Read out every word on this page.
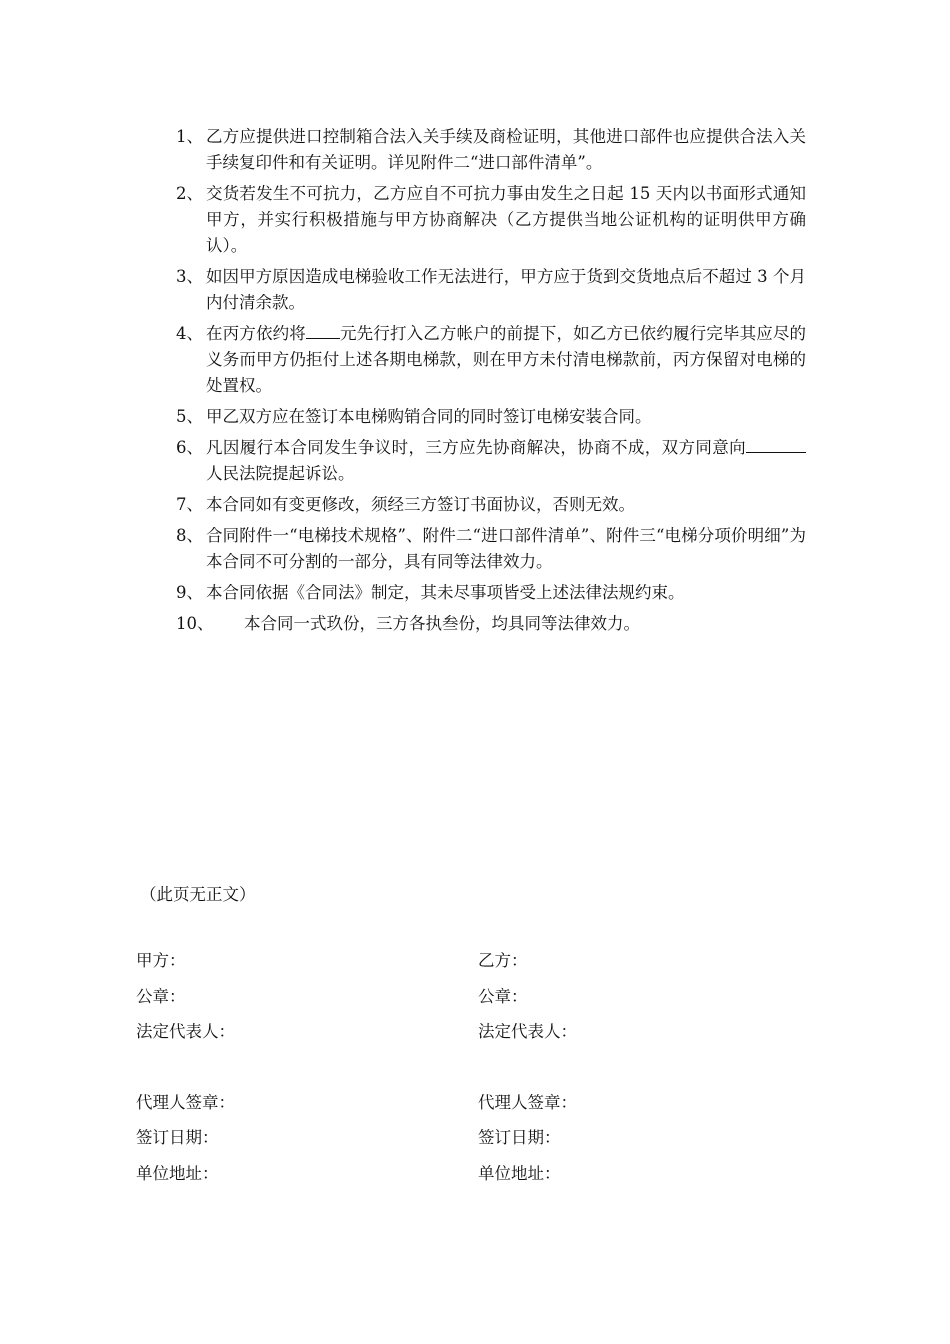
1、 乙方应提供进口控制箱合法入关手续及商检证明，其他进口部件也应提供合法入关手续复印件和有关证明。详见附件二“进口部件清单”。
2、 交货若发生不可抗力，乙方应自不可抗力事由发生之日起 15 天内以书面形式通知甲方，并实行积极措施与甲方协商解决（乙方提供当地公证机构的证明供甲方确认）。
3、 如因甲方原因造成电梯验收工作无法进行，甲方应于货到交货地点后不超过 3 个月内付清余款。
4、 在丙方依约将 元先行打入乙方帐户的前提下，如乙方已依约履行完毕其应尽的义务而甲方仍拒付上述各期电梯款，则在甲方未付清电梯款前，丙方保留对电梯的处置权。
5、 甲乙双方应在签订本电梯购销合同的同时签订电梯安装合同。
6、 凡因履行本合同发生争议时，三方应先协商解决，协商不成，双方同意向人民法院提起诉讼。
7、 本合同如有变更修改，须经三方签订书面协议，否则无效。
8、 合同附件一“电梯技术规格”、附件二“进口部件清单”、附件三“电梯分项价明细”为本合同不可分割的一部分，具有同等法律效力。
9、 本合同依据《合同法》制定，其未尽事项皆受上述法律法规约束。
10、	本合同一式玖份，三方各执叁份，均具同等法律效力。
（此页无正文）
甲方：
公章：
法定代表人：
代理人签章：
签订日期：
单位地址：
乙方：
公章：
法定代表人：
代理人签章：
签订日期：
单位地址：
